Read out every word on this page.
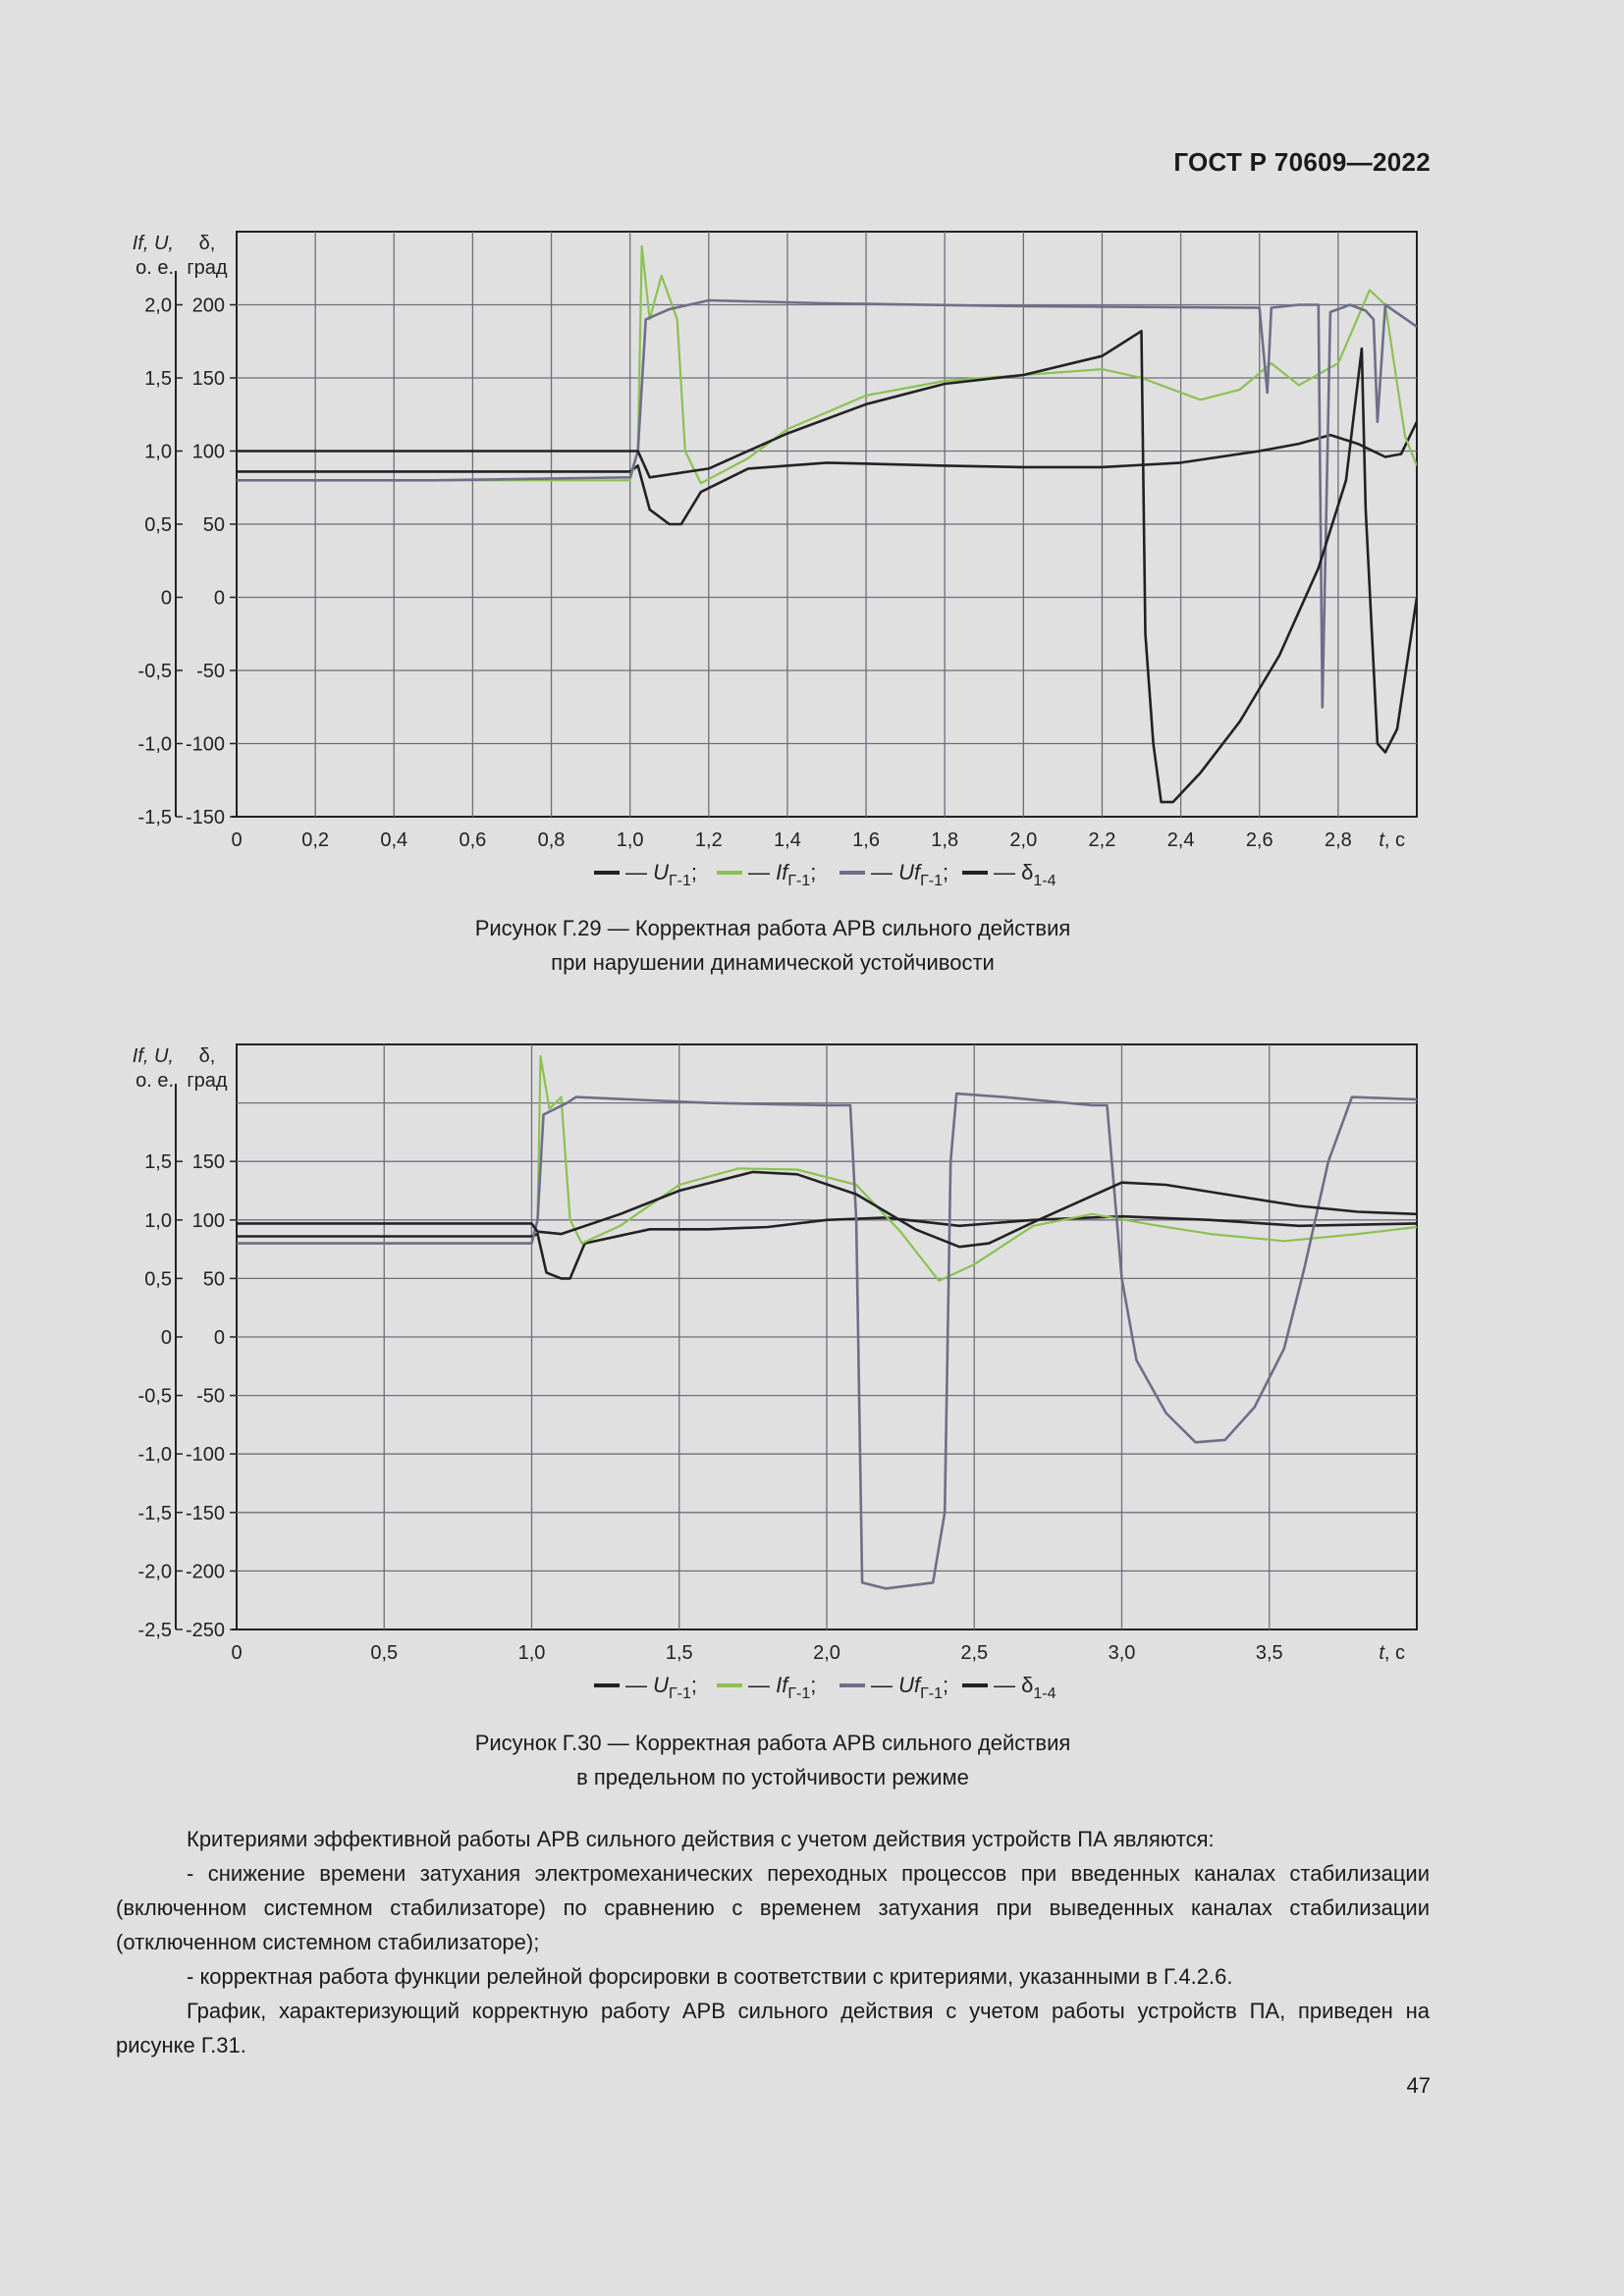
ГОСТ Р 70609—2022
-1,5 -150
-1,0 -100
-0,5 -50
0 0
0,5 50
1,0 100
1,5 150
2,0 200
0	0,2	0,4	0,6	0,8	1,0	1,2	1,4	1,6	1,8	2,0	2,2	2,4	2,6	2,8 t, с
If, U,
о. е.
δ,
град
— $U_{Г-1}$; — $If_{Г-1}$;	— $Uf_{Г-1}$; — $\delta_{1-4}$
Рисунок Г.29 — Корректная работа АРВ сильного действия
при нарушении динамической устойчивости
-2,5 -250
-2,0 -200
-1,5 -150
-1,0 -100
-0,5 -50
0 0
0,5 50
1,0 100
1,5 150
0	0,5	1,0	1,5	2,0	2,5	3,0	3,5	t, с
If, U,
о. е.
δ,
град
— $U_{Г-1}$; — $If_{Г-1}$;	— $Uf_{Г-1}$; — $\delta_{1-4}$
Рисунок Г.30 — Корректная работа АРВ сильного действия
в предельном по устойчивости режиме

Критериями эффективной работы АРВ сильного действия с учетом действия устройств ПА являются:

- снижение времени затухания электромеханических переходных процессов при введенных каналах стабилизации (включенном системном стабилизаторе) по сравнению с временем затухания при выведенных каналах стабилизации (отключенном системном стабилизаторе);

- корректная работа функции релейной форсировки в соответствии с критериями, указанными в Г.4.2.6.

График, характеризующий корректную работу АРВ сильного действия с учетом работы устройств ПА, приведен на рисунке Г.31.

47
